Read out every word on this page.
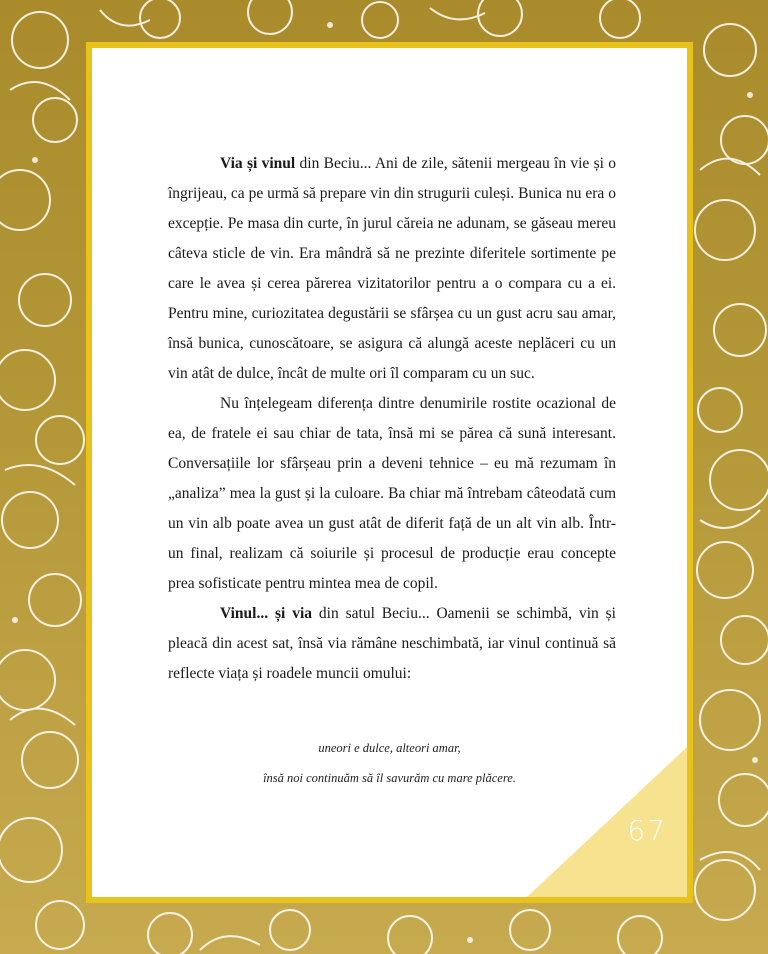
67

Via și vinul din Beciu... Ani de zile, sătenii mergeau în vie și o îngrijeau, ca pe urmă să prepare vin din strugurii culeși. Bunica nu era o excepție. Pe masa din curte, în jurul căreia ne adunam, se găseau mereu câteva sticle de vin. Era mândră să ne prezinte diferitele sortimente pe care le avea și cerea părerea vizitatorilor pentru a o compara cu a ei. Pentru mine, curiozitatea degustării se sfârșea cu un gust acru sau amar, însă bunica, cunoscătoare, se asigura că alungă aceste neplăceri cu un vin atât de dulce, încât de multe ori îl comparam cu un suc.

Nu înțelegeam diferența dintre denumirile rostite ocazional de ea, de fratele ei sau chiar de tata, însă mi se părea că sună interesant. Conversațiile lor sfârșeau prin a deveni tehnice – eu mă rezumam în „analiza” mea la gust și la culoare. Ba chiar mă întrebam câteodată cum un vin alb poate avea un gust atât de diferit față de un alt vin alb. Într-un final, realizam că soiurile și procesul de producție erau concepte prea sofisticate pentru mintea mea de copil.

Vinul... și via din satul Beciu... Oamenii se schimbă, vin și pleacă din acest sat, însă via rămâne neschimbată, iar vinul continuă să reflecte viața și roadele muncii omului:

uneori e dulce, alteori amar,
însă noi continuăm să îl savurăm cu mare plăcere.
